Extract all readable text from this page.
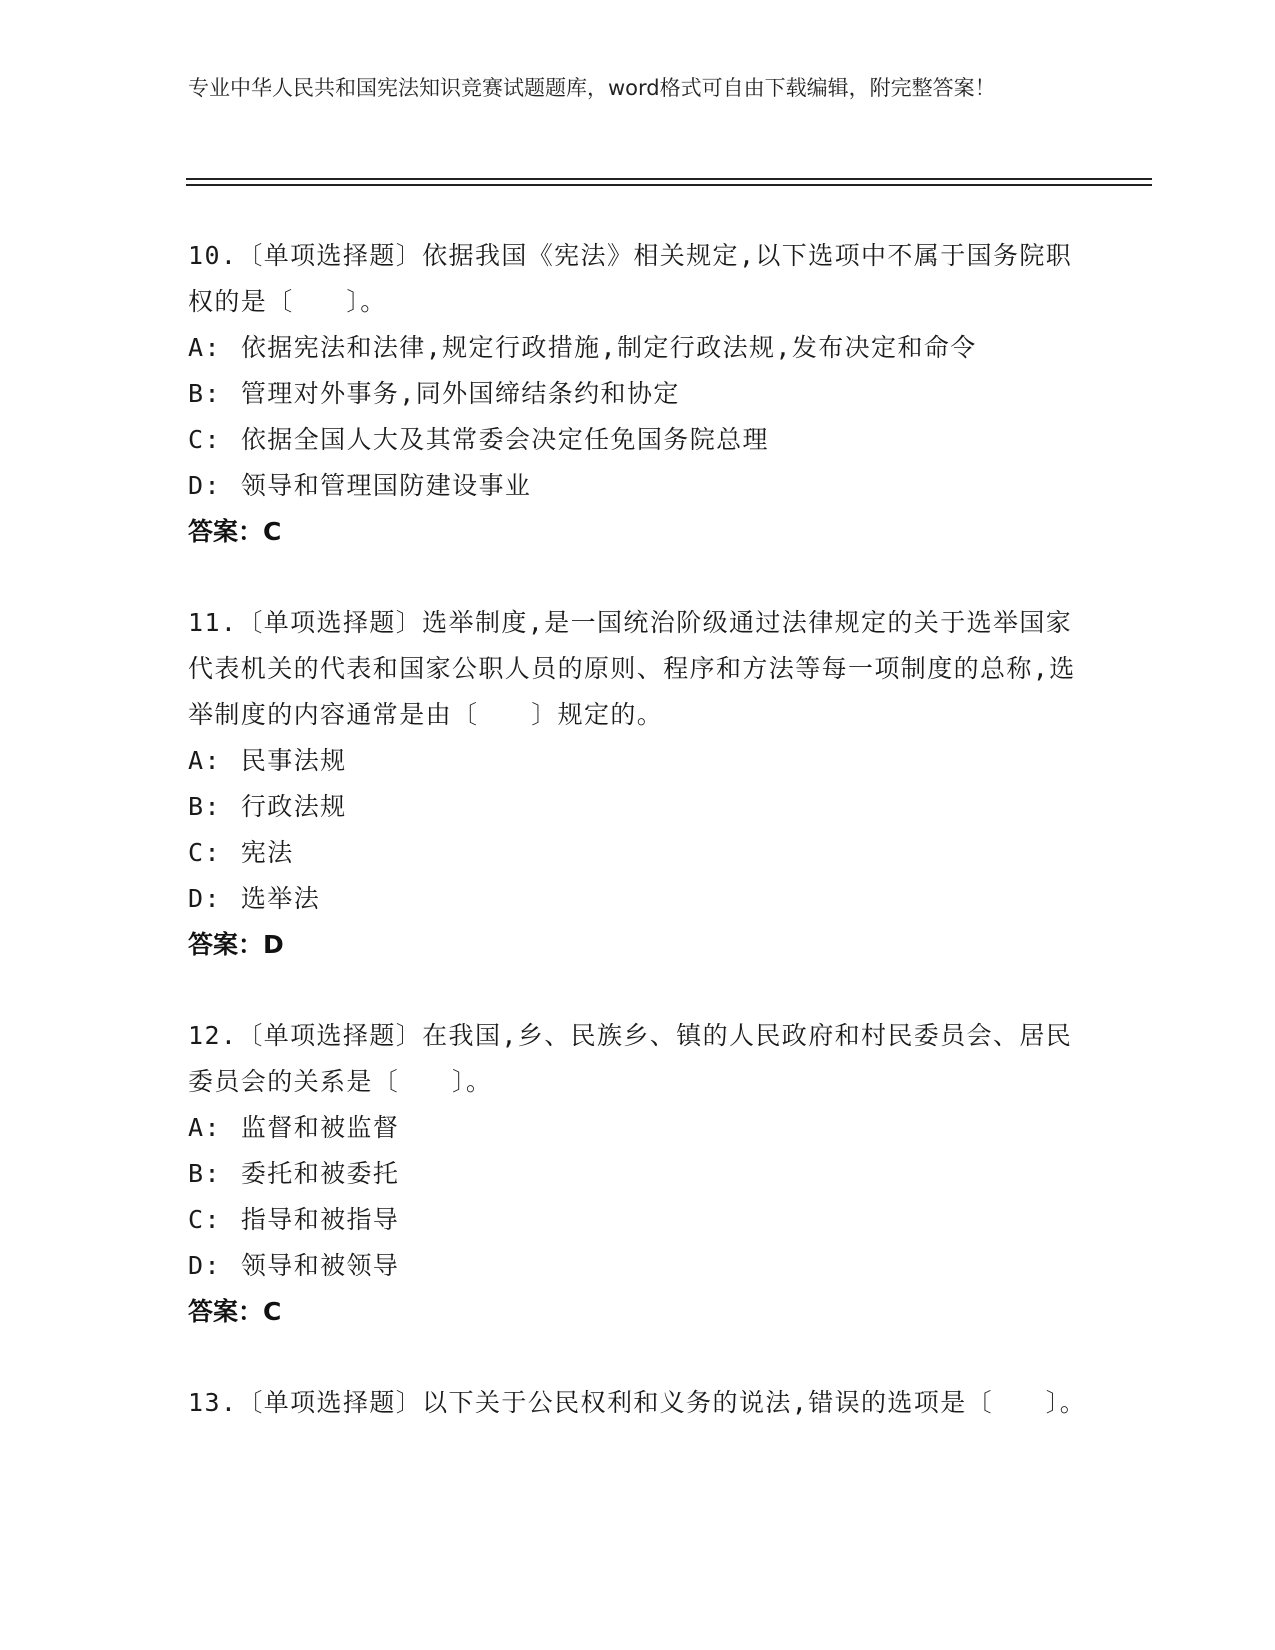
专业中华人民共和国宪法知识竞赛试题题库，word格式可自由下载编辑，附完整答案！
10.〔单项选择题〕依据我国《宪法》相关规定,以下选项中不属于国务院职权的是〔　　〕。
A: 依据宪法和法律,规定行政措施,制定行政法规,发布决定和命令
B: 管理对外事务,同外国缔结条约和协定
C: 依据全国人大及其常委会决定任免国务院总理
D: 领导和管理国防建设事业
答案：C
11.〔单项选择题〕选举制度,是一国统治阶级通过法律规定的关于选举国家代表机关的代表和国家公职人员的原则、程序和方法等每一项制度的总称,选举制度的内容通常是由〔　　〕规定的。
A: 民事法规
B: 行政法规
C: 宪法
D: 选举法
答案：D
12.〔单项选择题〕在我国,乡、民族乡、镇的人民政府和村民委员会、居民委员会的关系是〔　　〕。
A: 监督和被监督
B: 委托和被委托
C: 指导和被指导
D: 领导和被领导
答案：C
13.〔单项选择题〕以下关于公民权利和义务的说法,错误的选项是〔　　〕。
